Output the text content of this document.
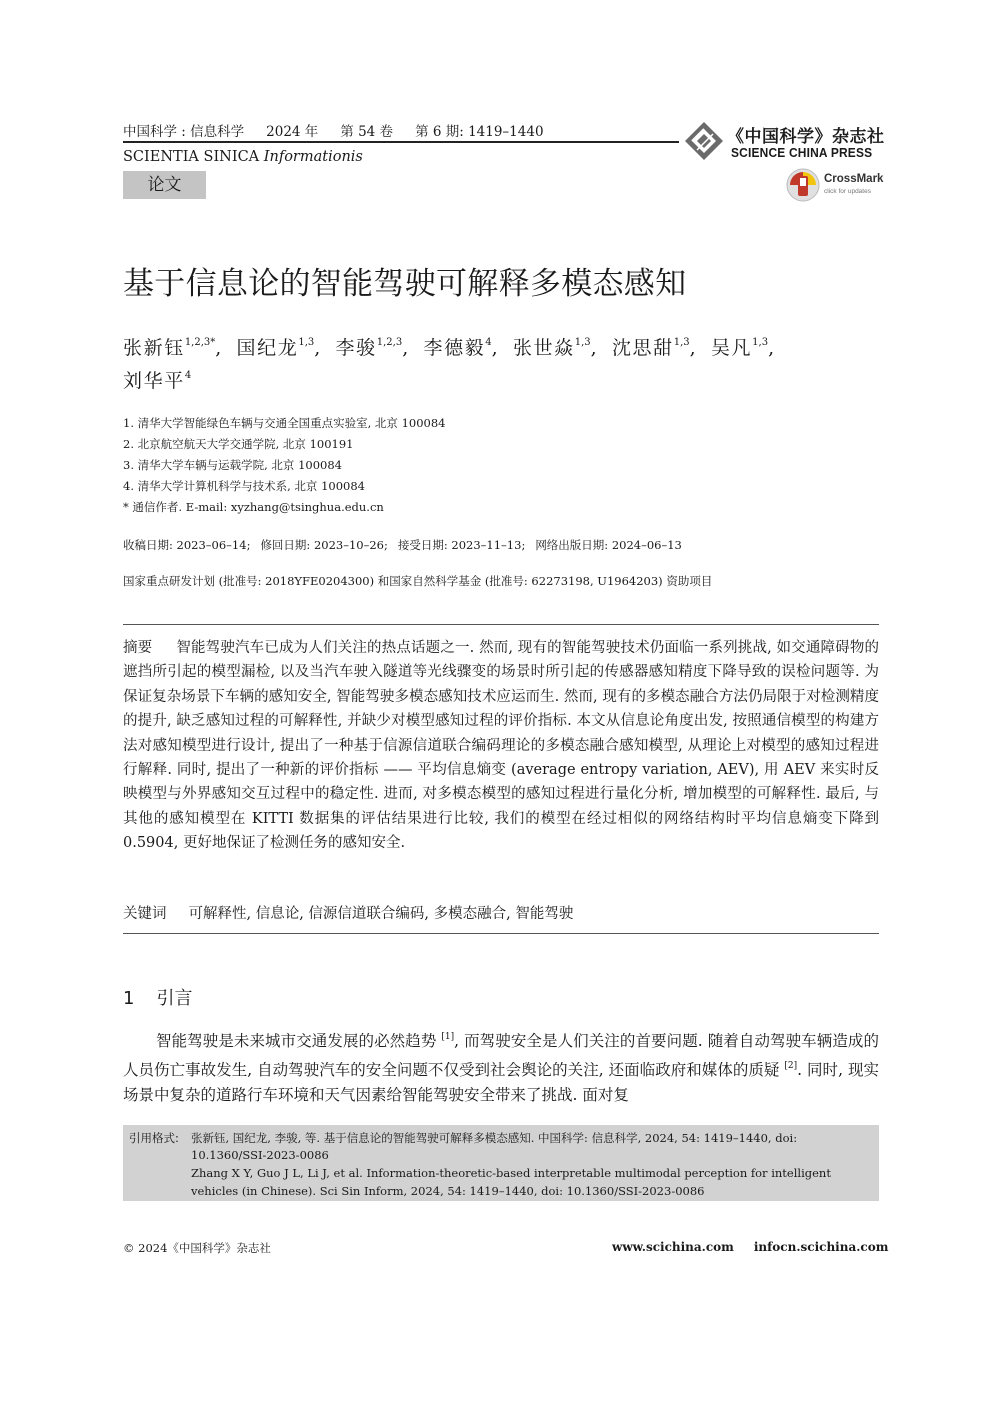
中国科学 : 信息科学 2024 年 第 54 卷 第 6 期: 1419–1440
SCIENTIA SINICA Informationis
论文
《中国科学》杂志社
SCIENCE CHINA PRESS
CrossMark
click for updates
基于信息论的智能驾驶可解释多模态感知
张新钰$^{1,2,3*}$, 国纪龙$^{1,3}$, 李骏$^{1,2,3}$, 李德毅$^4$, 张世焱$^{1,3}$, 沈思甜$^{1,3}$, 吴凡$^{1,3}$,
刘华平$^4$
1. 清华大学智能绿色车辆与交通全国重点实验室, 北京 100084
2. 北京航空航天大学交通学院, 北京 100191
3. 清华大学车辆与运载学院, 北京 100084
4. 清华大学计算机科学与技术系, 北京 100084
* 通信作者. E-mail: xyzhang@tsinghua.edu.cn
收稿日期: 2023–06–14; 修回日期: 2023–10–26; 接受日期: 2023–11–13; 网络出版日期: 2024–06–13
国家重点研发计划 (批准号: 2018YFE0204300) 和国家自然科学基金 (批准号: 62273198, U1964203) 资助项目
摘要 智能驾驶汽车已成为人们关注的热点话题之一. 然而, 现有的智能驾驶技术仍面临一系列挑战, 如交通障碍物的遮挡所引起的模型漏检, 以及当汽车驶入隧道等光线骤变的场景时所引起的传感器感知精度下降导致的误检问题等. 为保证复杂场景下车辆的感知安全, 智能驾驶多模态感知技术应运而生. 然而, 现有的多模态融合方法仍局限于对检测精度的提升, 缺乏感知过程的可解释性, 并缺少对模型感知过程的评价指标. 本文从信息论角度出发, 按照通信模型的构建方法对感知模型进行设计, 提出了一种基于信源信道联合编码理论的多模态融合感知模型, 从理论上对模型的感知过程进行解释. 同时, 提出了一种新的评价指标 —— 平均信息熵变 (average entropy variation, AEV), 用 AEV 来实时反映模型与外界感知交互过程中的稳定性. 进而, 对多模态模型的感知过程进行量化分析, 增加模型的可解释性. 最后, 与其他的感知模型在 KITTI 数据集的评估结果进行比较, 我们的模型在经过相似的网络结构时平均信息熵变下降到 0.5904, 更好地保证了检测任务的感知安全.
关键词 可解释性, 信息论, 信源信道联合编码, 多模态融合, 智能驾驶
1 引言

智能驾驶是未来城市交通发展的必然趋势 [1], 而驾驶安全是人们关注的首要问题. 随着自动驾驶车辆造成的人员伤亡事故发生, 自动驾驶汽车的安全问题不仅受到社会舆论的关注, 还面临政府和媒体的质疑 [2]. 同时, 现实场景中复杂的道路行车环境和天气因素给智能驾驶安全带来了挑战. 面对复

引用格式: 张新钰, 国纪龙, 李骏, 等. 基于信息论的智能驾驶可解释多模态感知. 中国科学: 信息科学, 2024, 54: 1419–1440, doi:
10.1360/SSI-2023-0086
Zhang X Y, Guo J L, Li J, et al. Information-theoretic-based interpretable multimodal perception for intelligent
vehicles (in Chinese). Sci Sin Inform, 2024, 54: 1419–1440, doi: 10.1360/SSI-2023-0086
© 2024《中国科学》杂志社	www.scichina.com infocn.scichina.com
